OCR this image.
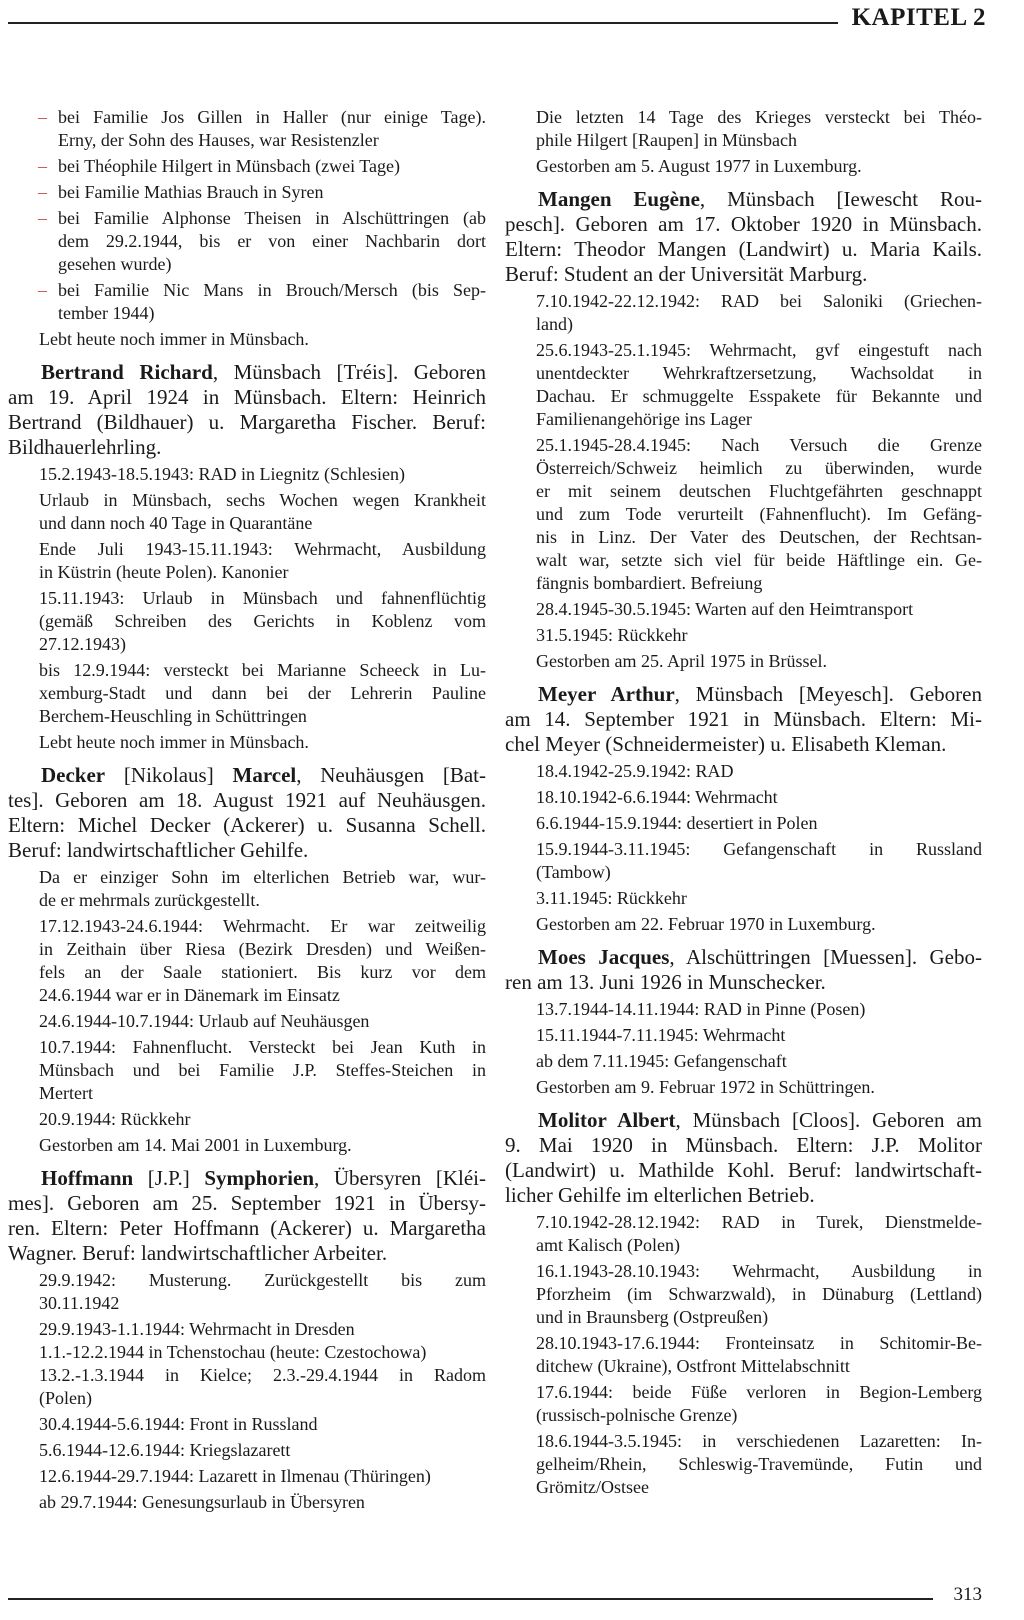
KAPITEL 2
– bei Familie Jos Gillen in Haller (nur einige Tage).
Erny, der Sohn des Hauses, war Resistenzler
– bei Théophile Hilgert in Münsbach (zwei Tage)
– bei Familie Mathias Brauch in Syren
– bei Familie Alphonse Theisen in Alschüttringen (ab
dem 29.2.1944, bis er von einer Nachbarin dort
gesehen wurde)
– bei Familie Nic Mans in Brouch/Mersch (bis Sep-
tember 1944)
Lebt heute noch immer in Münsbach.
Bertrand Richard, Münsbach [Tréis]. Geboren
am 19. April 1924 in Münsbach. Eltern: Heinrich
Bertrand (Bildhauer) u. Margaretha Fischer. Beruf:
Bildhauerlehrling.
15.2.1943-18.5.1943: RAD in Liegnitz (Schlesien)
Urlaub in Münsbach, sechs Wochen wegen Krankheit
und dann noch 40 Tage in Quarantäne
Ende Juli 1943-15.11.1943: Wehrmacht, Ausbildung
in Küstrin (heute Polen). Kanonier
15.11.1943: Urlaub in Münsbach und fahnenflüchtig
(gemäß Schreiben des Gerichts in Koblenz vom
27.12.1943)
bis 12.9.1944: versteckt bei Marianne Scheeck in Lu-
xemburg-Stadt und dann bei der Lehrerin Pauline
Berchem-Heuschling in Schüttringen
Lebt heute noch immer in Münsbach.
Decker [Nikolaus] Marcel, Neuhäusgen [Bat-
tes]. Geboren am 18. August 1921 auf Neuhäusgen.
Eltern: Michel Decker (Ackerer) u. Susanna Schell.
Beruf: landwirtschaftlicher Gehilfe.
Da er einziger Sohn im elterlichen Betrieb war, wur-
de er mehrmals zurückgestellt.
17.12.1943-24.6.1944: Wehrmacht. Er war zeitweilig
in Zeithain über Riesa (Bezirk Dresden) und Weißen-
fels an der Saale stationiert. Bis kurz vor dem
24.6.1944 war er in Dänemark im Einsatz
24.6.1944-10.7.1944: Urlaub auf Neuhäusgen
10.7.1944: Fahnenflucht. Versteckt bei Jean Kuth in
Münsbach und bei Familie J.P. Steffes-Steichen in
Mertert
20.9.1944: Rückkehr
Gestorben am 14. Mai 2001 in Luxemburg.
Hoffmann [J.P.] Symphorien, Übersyren [Kléi-
mes]. Geboren am 25. September 1921 in Übersy-
ren. Eltern: Peter Hoffmann (Ackerer) u. Margaretha
Wagner. Beruf: landwirtschaftlicher Arbeiter.
29.9.1942: Musterung. Zurückgestellt bis zum
30.11.1942
29.9.1943-1.1.1944: Wehrmacht in Dresden
1.1.-12.2.1944 in Tchenstochau (heute: Czestochowa)
13.2.-1.3.1944 in Kielce; 2.3.-29.4.1944 in Radom
(Polen)
30.4.1944-5.6.1944: Front in Russland
5.6.1944-12.6.1944: Kriegslazarett
12.6.1944-29.7.1944: Lazarett in Ilmenau (Thüringen)
ab 29.7.1944: Genesungsurlaub in Übersyren
Die letzten 14 Tage des Krieges versteckt bei Théo-
phile Hilgert [Raupen] in Münsbach
Gestorben am 5. August 1977 in Luxemburg.
Mangen Eugène, Münsbach [Iewescht Rou-
pesch]. Geboren am 17. Oktober 1920 in Münsbach.
Eltern: Theodor Mangen (Landwirt) u. Maria Kails.
Beruf: Student an der Universität Marburg.
7.10.1942-22.12.1942: RAD bei Saloniki (Griechen-
land)
25.6.1943-25.1.1945: Wehrmacht, gvf eingestuft nach
unentdeckter Wehrkraftzersetzung, Wachsoldat in
Dachau. Er schmuggelte Esspakete für Bekannte und
Familienangehörige ins Lager
25.1.1945-28.4.1945: Nach Versuch die Grenze
Österreich/Schweiz heimlich zu überwinden, wurde
er mit seinem deutschen Fluchtgefährten geschnappt
und zum Tode verurteilt (Fahnenflucht). Im Gefäng-
nis in Linz. Der Vater des Deutschen, der Rechtsan-
walt war, setzte sich viel für beide Häftlinge ein. Ge-
fängnis bombardiert. Befreiung
28.4.1945-30.5.1945: Warten auf den Heimtransport
31.5.1945: Rückkehr
Gestorben am 25. April 1975 in Brüssel.
Meyer Arthur, Münsbach [Meyesch]. Geboren
am 14. September 1921 in Münsbach. Eltern: Mi-
chel Meyer (Schneidermeister) u. Elisabeth Kleman.
18.4.1942-25.9.1942: RAD
18.10.1942-6.6.1944: Wehrmacht
6.6.1944-15.9.1944: desertiert in Polen
15.9.1944-3.11.1945: Gefangenschaft in Russland
(Tambow)
3.11.1945: Rückkehr
Gestorben am 22. Februar 1970 in Luxemburg.
Moes Jacques, Alschüttringen [Muessen]. Gebo-
ren am 13. Juni 1926 in Munschecker.
13.7.1944-14.11.1944: RAD in Pinne (Posen)
15.11.1944-7.11.1945: Wehrmacht
ab dem 7.11.1945: Gefangenschaft
Gestorben am 9. Februar 1972 in Schüttringen.
Molitor Albert, Münsbach [Cloos]. Geboren am
9. Mai 1920 in Münsbach. Eltern: J.P. Molitor
(Landwirt) u. Mathilde Kohl. Beruf: landwirtschaft-
licher Gehilfe im elterlichen Betrieb.
7.10.1942-28.12.1942: RAD in Turek, Dienstmelde-
amt Kalisch (Polen)
16.1.1943-28.10.1943: Wehrmacht, Ausbildung in
Pforzheim (im Schwarzwald), in Dünaburg (Lettland)
und in Braunsberg (Ostpreußen)
28.10.1943-17.6.1944: Fronteinsatz in Schitomir-Be-
ditchew (Ukraine), Ostfront Mittelabschnitt
17.6.1944: beide Füße verloren in Begion-Lemberg
(russisch-polnische Grenze)
18.6.1944-3.5.1945: in verschiedenen Lazaretten: In-
gelheim/Rhein, Schleswig-Travemünde, Futin und
Grömitz/Ostsee
313
